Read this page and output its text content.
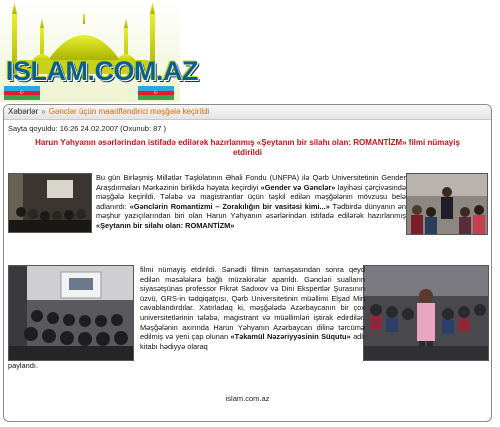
ISLAM.COM.AZ
☪	☪
Xəbərlər » Gənclər üçün maarifləndirici məşğələ keçirildi
Sayta qoyuldu: 16:26 24.02.2007 (Oxunub: 87 )
Harun Yəhyanın əsərlərindən istifadə edilərək hazırlanmış «Şeytanın bir silahı olan: ROMANTİZM» filmi nümayiş etdirildi
Bu gün Birləşmiş Millətlər Təşkilatının Əhali Fondu (UNFPA) ilə Qərb Universitetinin Gender Araşdırmaları Mərkəzinin birlikdə həyata keçirdiyi «Gender və Gənclər» layihəsi çərçivəsində məşğələ keçirildi. Tələbə və magistrantlar üçün təşkil edilən məşğələnin mövzusu belə adlanırdı: «Gənclərin Romantizmi – Zorakılığın bir vasitəsi kimi...» Tədbirdə dünyanın ən məşhur yazıçılarından biri olan Harun Yəhyanın əsərlərindən istifadə edilərək hazırlanmış «Şeytanın bir silahı olan: ROMANTİZM»
filmi nümayiş etdirildi. Sənədli filmin tamaşasından sonra qeyd edilən məsələlərə bağlı müzakirələr aparıldı. Gəncləri sualların siyasətşünas professor Fikrət Sadıxov və Dini Ekspertlər Şurasının üzvü, GRS-in tədqiqatçısı, Qərb Universitetinin müəllimi Elşad Miri cavablandırdılar. Xatırladaq ki, məşğələdə Azərbaycanın bir çox universitetlərinin tələbə, magistrant və müəllimləri iştirak edirdilər. Məşğələnin axırında Harun Yəhyanın Azərbaycan dilinə tərcümə edilmiş və yeni çap olunan «Təkamül Nəzəriyyəsinin Süqutu» adlı kitabı hədiyyə olaraq
paylandı.
islam.com.az
